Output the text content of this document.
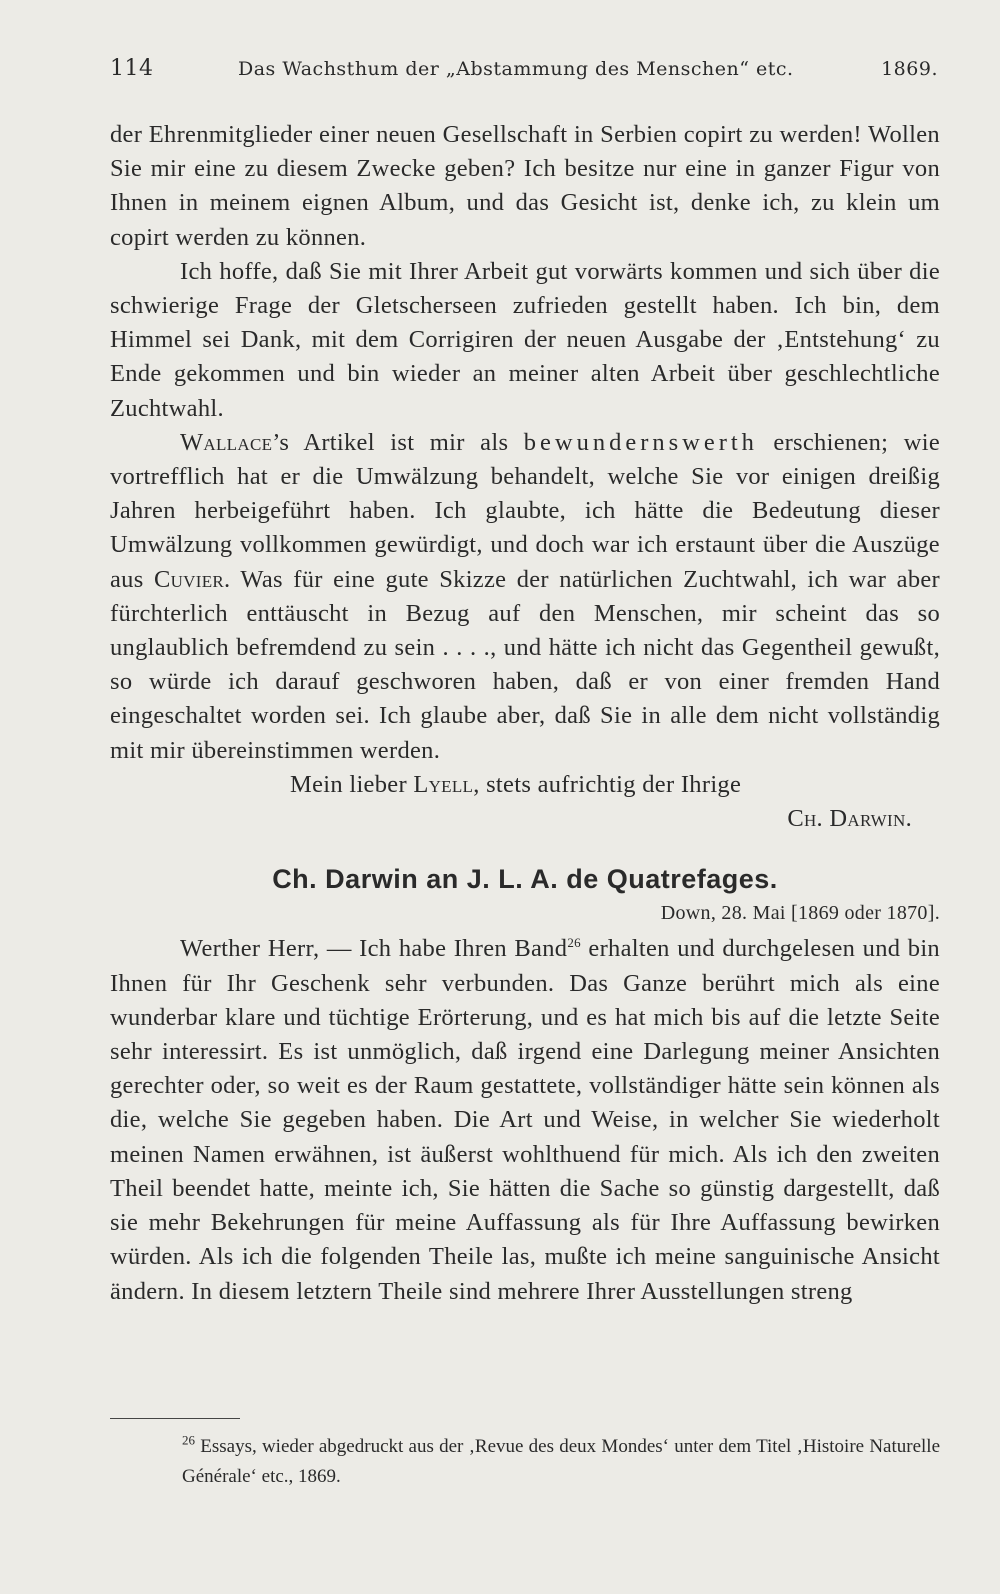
114	Das Wachsthum der „Abstammung des Menschen“ etc.	1869.

der Ehrenmitglieder einer neuen Gesellschaft in Serbien copirt zu werden! Wollen Sie mir eine zu diesem Zwecke geben? Ich besitze nur eine in ganzer Figur von Ihnen in meinem eignen Album, und das Gesicht ist, denke ich, zu klein um copirt werden zu können.

Ich hoffe, daß Sie mit Ihrer Arbeit gut vorwärts kommen und sich über die schwierige Frage der Gletscherseen zufrieden gestellt haben. Ich bin, dem Himmel sei Dank, mit dem Corrigiren der neuen Ausgabe der ‚Entstehung‘ zu Ende gekommen und bin wieder an meiner alten Arbeit über geschlechtliche Zuchtwahl.

Wallace’s Artikel ist mir als bewundernswerth erschienen; wie vortrefflich hat er die Umwälzung behandelt, welche Sie vor einigen dreißig Jahren herbeigeführt haben. Ich glaubte, ich hätte die Bedeutung dieser Umwälzung vollkommen gewürdigt, und doch war ich erstaunt über die Auszüge aus Cuvier. Was für eine gute Skizze der natürlichen Zuchtwahl, ich war aber fürchterlich enttäuscht in Bezug auf den Menschen, mir scheint das so unglaublich befremdend zu sein . . . ., und hätte ich nicht das Gegentheil gewußt, so würde ich darauf geschworen haben, daß er von einer fremden Hand eingeschaltet worden sei. Ich glaube aber, daß Sie in alle dem nicht vollständig mit mir übereinstimmen werden.

Mein lieber Lyell, stets aufrichtig der Ihrige

Ch. Darwin.

Ch. Darwin an J. L. A. de Quatrefages.
Down, 28. Mai [1869 oder 1870].

Werther Herr, — Ich habe Ihren Band$^{26}$ erhalten und durchgelesen und bin Ihnen für Ihr Geschenk sehr verbunden. Das Ganze berührt mich als eine wunderbar klare und tüchtige Erörterung, und es hat mich bis auf die letzte Seite sehr interessirt. Es ist unmöglich, daß irgend eine Darlegung meiner Ansichten gerechter oder, so weit es der Raum gestattete, vollständiger hätte sein können als die, welche Sie gegeben haben. Die Art und Weise, in welcher Sie wiederholt meinen Namen erwähnen, ist äußerst wohlthuend für mich. Als ich den zweiten Theil beendet hatte, meinte ich, Sie hätten die Sache so günstig dargestellt, daß sie mehr Bekehrungen für meine Auffassung als für Ihre Auffassung bewirken würden. Als ich die folgenden Theile las, mußte ich meine sanguinische Ansicht ändern. In diesem letztern Theile sind mehrere Ihrer Ausstellungen streng

$^{26}$ Essays, wieder abgedruckt aus der ‚Revue des deux Mondes‘ unter dem Titel ‚Histoire Naturelle Générale‘ etc., 1869.
